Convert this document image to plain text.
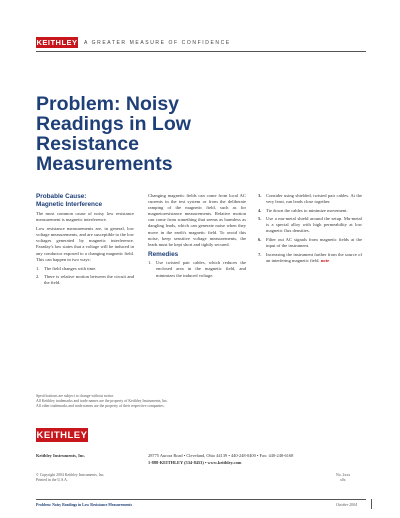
KEITHLEY A GREATER MEASURE OF CONFIDENCE
Problem: Noisy Readings in Low Resistance Measurements
Probable Cause:
Magnetic Interference

The most common cause of noisy low resistance measurement is magnetic interference.

Low resistance measurements are, in general, low voltage measurements, and are susceptible to the low voltages generated by magnetic interference. Faraday's law states that a voltage will be induced in any conductor exposed to a changing magnetic field. This can happen in two ways:

1. The field changes with time.
2. There is relative motion between the circuit and the field.

Changing magnetic fields can come from local AC currents in the test system or from the deliberate ramping of the magnetic field, such as for magnetoresistance measurements. Relative motion can come from something that seems as harmless as dangling leads, which can generate noise when they move in the earth's magnetic field. To avoid this noise, keep sensitive voltage measurements, the leads must be kept short and tightly secured.

Remedies
1. Use twisted pair cables, which reduces the enclosed area in the magnetic field, and minimizes the induced voltage.
3. Consider using shielded, twisted pair cables. At the very least, run leads close together.
4. Tie down the cables to minimize movement.
5. Use a mu-metal shield around the setup. Mu-metal is a special alloy with high permeability at low magnetic flux densities.
6. Filter out AC signals from magnetic fields at the input of the instrument.
7. Increasing the instrument farther from the source of an interfering magnetic field. note
Specifications are subject to change without notice.
All Keithley trademarks and trade names are the property of Keithley Instruments, Inc.
All other trademarks and trade names are the property of their respective companies.
KEITHLEY
Keithley Instruments, Inc.	28775 Aurora Road • Cleveland, Ohio 44139 • 440-248-0400 • Fax: 440-248-6168
1-888-KEITHLEY (534-8453) • www.keithley.com
© Copyright 2004 Keithley Instruments, Inc.
Printed in the U.S.A.
No. 2xxx
x0x
Problem: Noisy Readings in Low Resistance Measurements	October 2004
